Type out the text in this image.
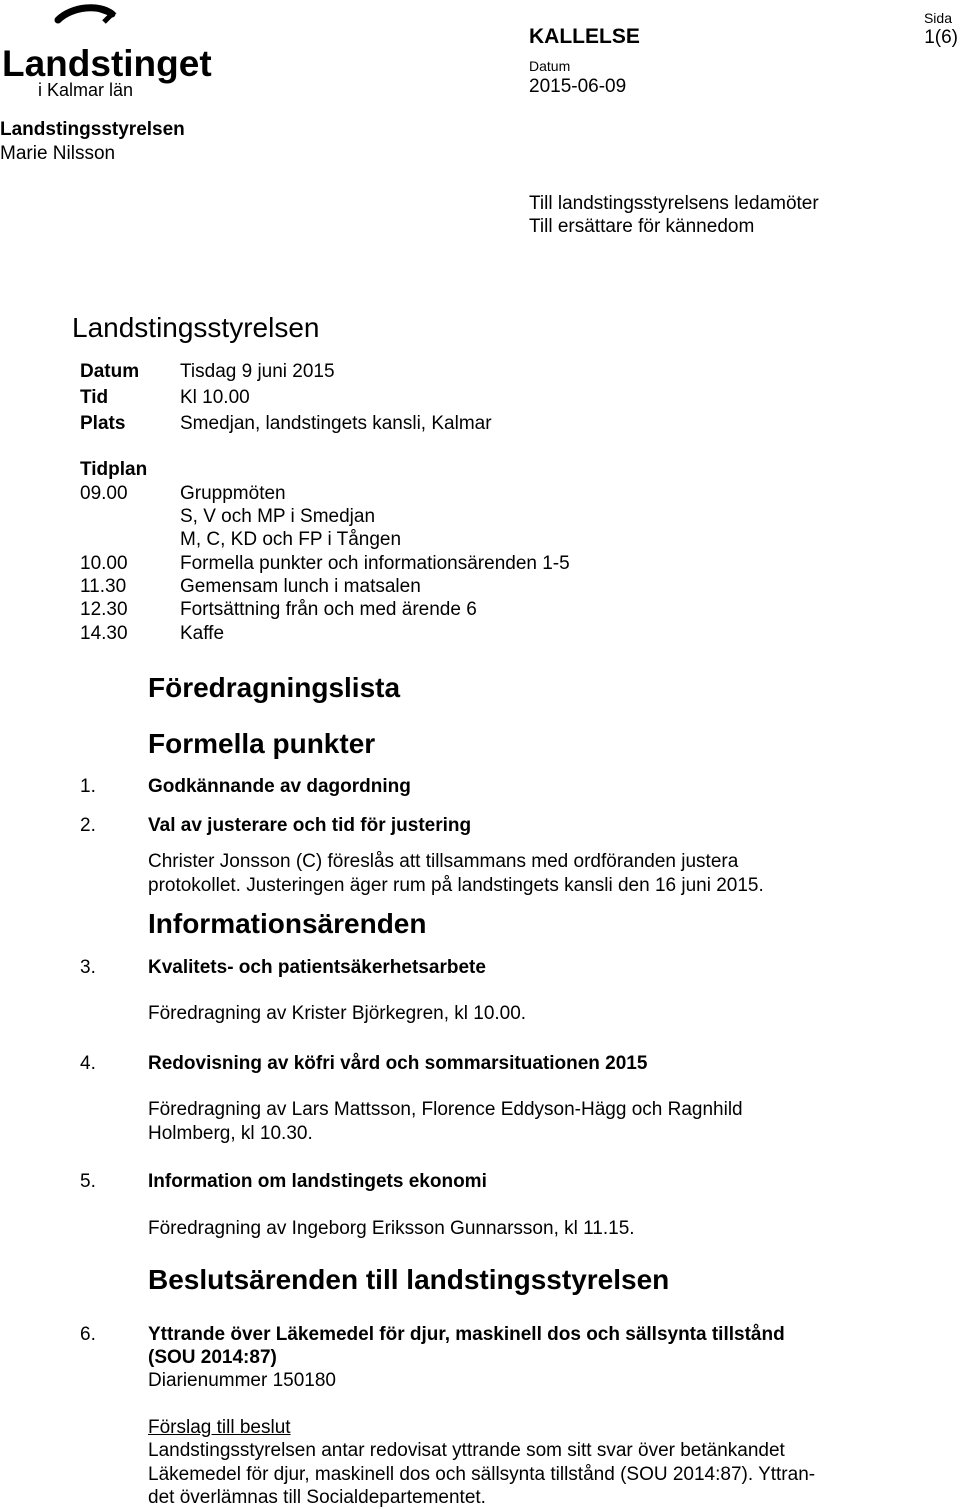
Landstinget
i Kalmar län
KALLELSE
Datum
2015-06-09
Sida
1(6)
Landstingsstyrelsen
Marie Nilsson
Till landstingsstyrelsens ledamöter
Till ersättare för kännedom
Landstingsstyrelsen
Datum Tisdag 9 juni 2015
Tid	Kl 10.00
Plats	Smedjan, landstingets kansli, Kalmar
Tidplan
09.00	Gruppmöten
S, V och MP i Smedjan
M, C, KD och FP i Tången
10.00	Formella punkter och informationsärenden 1-5
11.30	Gemensam lunch i matsalen
12.30	Fortsättning från och med ärende 6
14.30	Kaffe
Föredragningslista
Formella punkter
1.	Godkännande av dagordning
2.	Val av justerare och tid för justering
Christer Jonsson (C) föreslås att tillsammans med ordföranden justera
protokollet. Justeringen äger rum på landstingets kansli den 16 juni 2015.
Informationsärenden
3.	Kvalitets- och patientsäkerhetsarbete
Föredragning av Krister Björkegren, kl 10.00.
4.	Redovisning av köfri vård och sommarsituationen 2015
Föredragning av Lars Mattsson, Florence Eddyson-Hägg och Ragnhild
Holmberg, kl 10.30.
5.	Information om landstingets ekonomi
Föredragning av Ingeborg Eriksson Gunnarsson, kl 11.15.
Beslutsärenden till landstingsstyrelsen
6.	Yttrande över Läkemedel för djur, maskinell dos och sällsynta tillstånd
(SOU 2014:87)
Diarienummer 150180
Förslag till beslut
Landstingsstyrelsen antar redovisat yttrande som sitt svar över betänkandet
Läkemedel för djur, maskinell dos och sällsynta tillstånd (SOU 2014:87). Yttran-
det överlämnas till Socialdepartementet.
